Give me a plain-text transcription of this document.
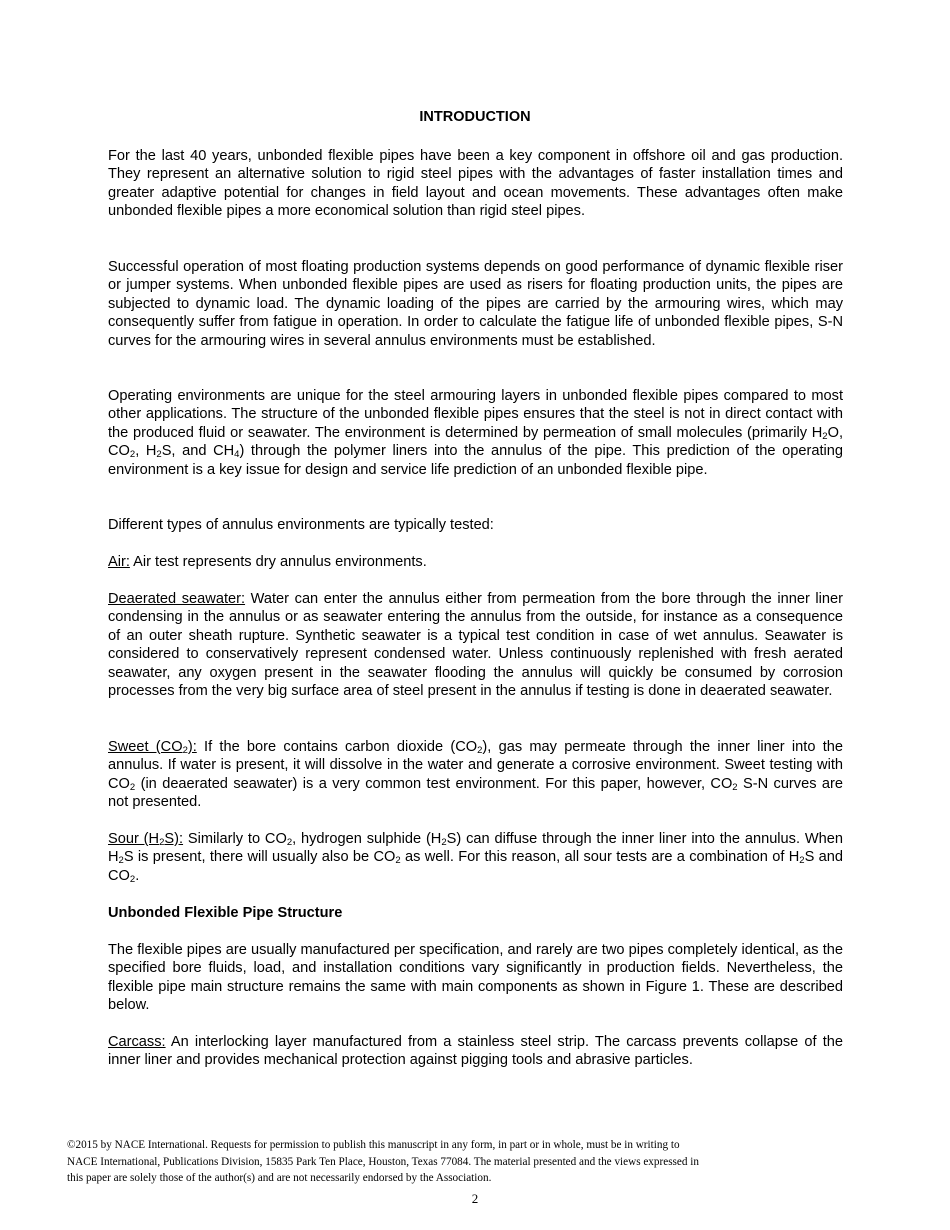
INTRODUCTION

For the last 40 years, unbonded flexible pipes have been a key component in offshore oil and gas production. They represent an alternative solution to rigid steel pipes with the advantages of faster installation times and greater adaptive potential for changes in field layout and ocean movements. These advantages often make unbonded flexible pipes a more economical solution than rigid steel pipes.

Successful operation of most floating production systems depends on good performance of dynamic flexible riser or jumper systems. When unbonded flexible pipes are used as risers for floating production units, the pipes are subjected to dynamic load. The dynamic loading of the pipes are carried by the armouring wires, which may consequently suffer from fatigue in operation. In order to calculate the fatigue life of unbonded flexible pipes, S-N curves for the armouring wires in several annulus environments must be established.

Operating environments are unique for the steel armouring layers in unbonded flexible pipes compared to most other applications. The structure of the unbonded flexible pipes ensures that the steel is not in direct contact with the produced fluid or seawater. The environment is determined by permeation of small molecules (primarily $H_2O$, $CO_2$, $H_2S$, and $CH_4$) through the polymer liners into the annulus of the pipe. This prediction of the operating environment is a key issue for design and service life prediction of an unbonded flexible pipe.

Different types of annulus environments are typically tested:

Air: Air test represents dry annulus environments.

Deaerated seawater: Water can enter the annulus either from permeation from the bore through the inner liner condensing in the annulus or as seawater entering the annulus from the outside, for instance as a consequence of an outer sheath rupture. Synthetic seawater is a typical test condition in case of wet annulus. Seawater is considered to conservatively represent condensed water. Unless continuously replenished with fresh aerated seawater, any oxygen present in the seawater flooding the annulus will quickly be consumed by corrosion processes from the very big surface area of steel present in the annulus if testing is done in deaerated seawater.

Sweet $(CO_2)$: If the bore contains carbon dioxide $(CO_2)$, gas may permeate through the inner liner into the annulus. If water is present, it will dissolve in the water and generate a corrosive environment. Sweet testing with $CO_2$ (in deaerated seawater) is a very common test environment. For this paper, however, $CO_2$ S-N curves are not presented.

Sour $(H_2S)$: Similarly to $CO_2$, hydrogen sulphide $(H_2S)$ can diffuse through the inner liner into the annulus. When $H_2S$ is present, there will usually also be $CO_2$ as well. For this reason, all sour tests are a combination of $H_2S$ and $CO_2$.

Unbonded Flexible Pipe Structure

The flexible pipes are usually manufactured per specification, and rarely are two pipes completely identical, as the specified bore fluids, load, and installation conditions vary significantly in production fields. Nevertheless, the flexible pipe main structure remains the same with main components as shown in Figure 1. These are described below.

Carcass: An interlocking layer manufactured from a stainless steel strip. The carcass prevents collapse of the inner liner and provides mechanical protection against pigging tools and abrasive particles.

©2015 by NACE International. Requests for permission to publish this manuscript in any form, in part or in whole, must be in writing to
NACE International, Publications Division, 15835 Park Ten Place, Houston, Texas 77084. The material presented and the views expressed in
this paper are solely those of the author(s) and are not necessarily endorsed by the Association.
2
